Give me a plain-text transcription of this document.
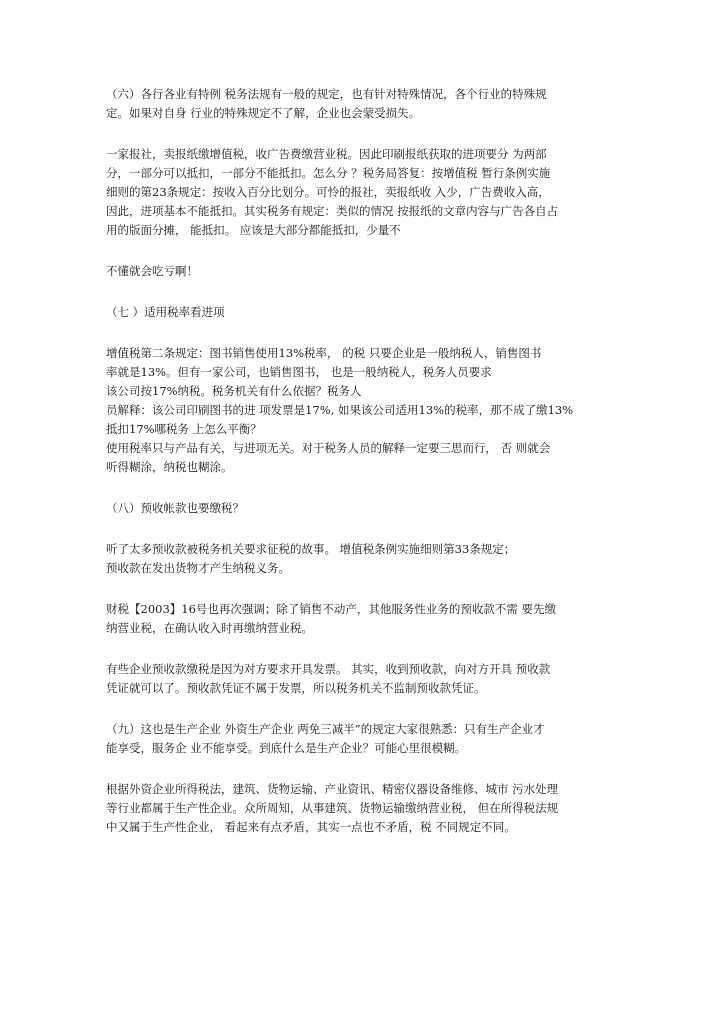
（六）各行各业有特例 税务法规有一般的规定，也有针对特殊情况，各个行业的特殊规
定。如果对自身 行业的特殊规定不了解，企业也会蒙受损失。

一家报社，卖报纸缴增值税，收广告费缴营业税。因此印刷报纸获取的进项要分 为两部
分，一部分可以抵扣，一部分不能抵扣。怎么分 ？税务局答复：按增值税 暂行条例实施
细则的第23条规定：按收入百分比划分。可怜的报社，卖报纸收 入少，广告费收入高，
因此，进项基本不能抵扣。其实税务有规定：类似的情况 按报纸的文章内容与广告各自占
用的版面分摊， 能抵扣。 应该是大部分都能抵扣，少量不

不懂就会吃亏啊！

（七 ）适用税率看进项

增值税第二条规定：图书销售使用13%税率， 的税 只要企业是一般纳税人，销售图书
率就是13%。但有一家公司，也销售图书， 也是一般纳税人，税务人员要求
该公司按17%纳税。税务机关有什么依据？税务人
员解释：该公司印刷图书的进 项发票是17%, 如果该公司适用13%的税率，那不成了缴13%
抵扣17%哪税务 上怎么平衡？
使用税率只与产品有关，与进项无关。对于税务人员的解释一定要三思而行， 否 则就会
听得糊涂，纳税也糊涂。

（八）预收帐款也要缴税？

听了太多预收款被税务机关要求征税的故事。 增值税条例实施细则第33条规定；
预收款在发出货物才产生纳税义务。

财税【2003】16号也再次强调；除了销售不动产，其他服务性业务的预收款不需 要先缴
纳营业税，在确认收入时再缴纳营业税。

有些企业预收款缴税是因为对方要求开具发票。 其实，收到预收款，向对方开具 预收款
凭证就可以了。预收款凭证不属于发票，所以税务机关不监制预收款凭证。

（九）这也是生产企业 外资生产企业 两免三减半”的规定大家很熟悉：只有生产企业才
能享受，服务企 业不能享受。到底什么是生产企业？可能心里很模糊。

根据外资企业所得税法，建筑、货物运输、产业资讯、精密仪器设备维修、城市 污水处理
等行业都属于生产性企业。众所周知，从事建筑、货物运输缴纳营业税， 但在所得税法规
中又属于生产性企业， 看起来有点矛盾，其实一点也不矛盾，税 不同规定不同。
